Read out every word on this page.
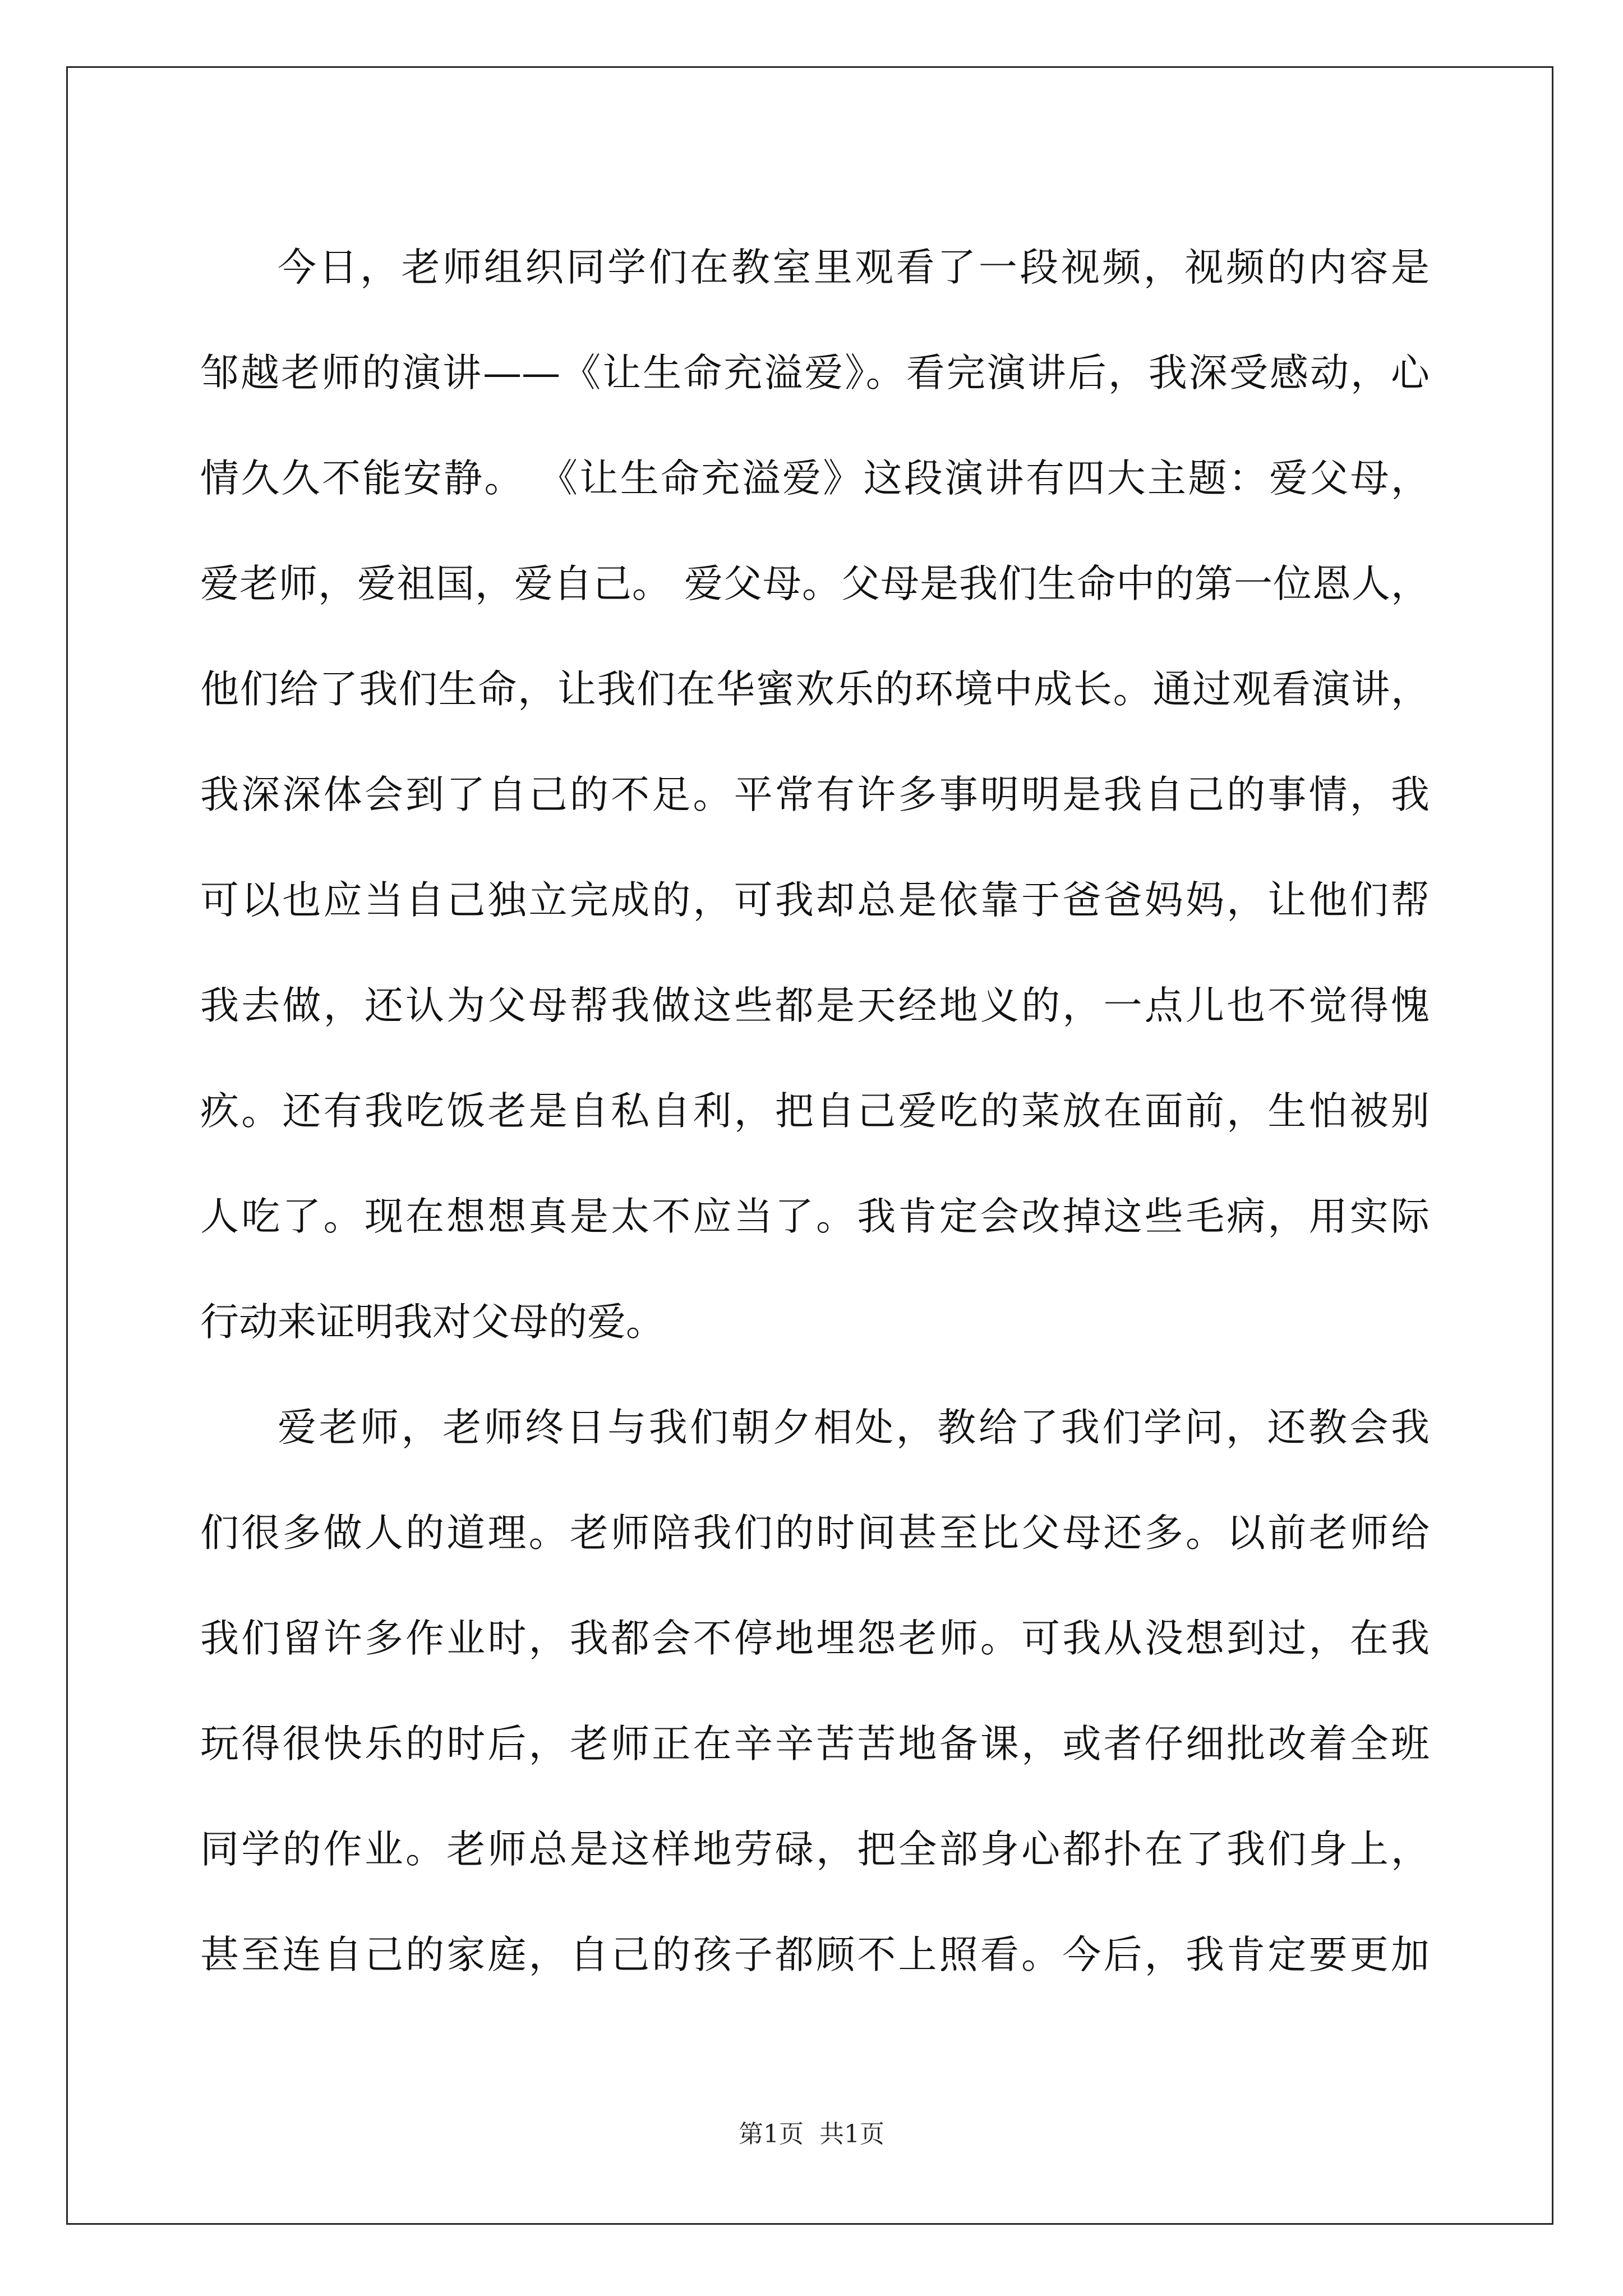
今日，老师组织同学们在教室里观看了一段视频，视频的内容是
邹越老师的演讲——《让生命充溢爱》。看完演讲后，我深受感动，心
情久久不能安静。 《让生命充溢爱》这段演讲有四大主题：爱父母，
爱老师，爱祖国，爱自己。 爱父母。父母是我们生命中的第一位恩人，
他们给了我们生命，让我们在华蜜欢乐的环境中成长。通过观看演讲，
我深深体会到了自己的不足。平常有许多事明明是我自己的事情，我
可以也应当自己独立完成的，可我却总是依靠于爸爸妈妈，让他们帮
我去做，还认为父母帮我做这些都是天经地义的，一点儿也不觉得愧
疚。还有我吃饭老是自私自利，把自己爱吃的菜放在面前，生怕被别
人吃了。现在想想真是太不应当了。我肯定会改掉这些毛病，用实际
行动来证明我对父母的爱。
爱老师，老师终日与我们朝夕相处，教给了我们学问，还教会我
们很多做人的道理。老师陪我们的时间甚至比父母还多。以前老师给
我们留许多作业时，我都会不停地埋怨老师。可我从没想到过，在我
玩得很快乐的时后，老师正在辛辛苦苦地备课，或者仔细批改着全班
同学的作业。老师总是这样地劳碌，把全部身心都扑在了我们身上，
甚至连自己的家庭，自己的孩子都顾不上照看。今后，我肯定要更加
第1页 共1页
